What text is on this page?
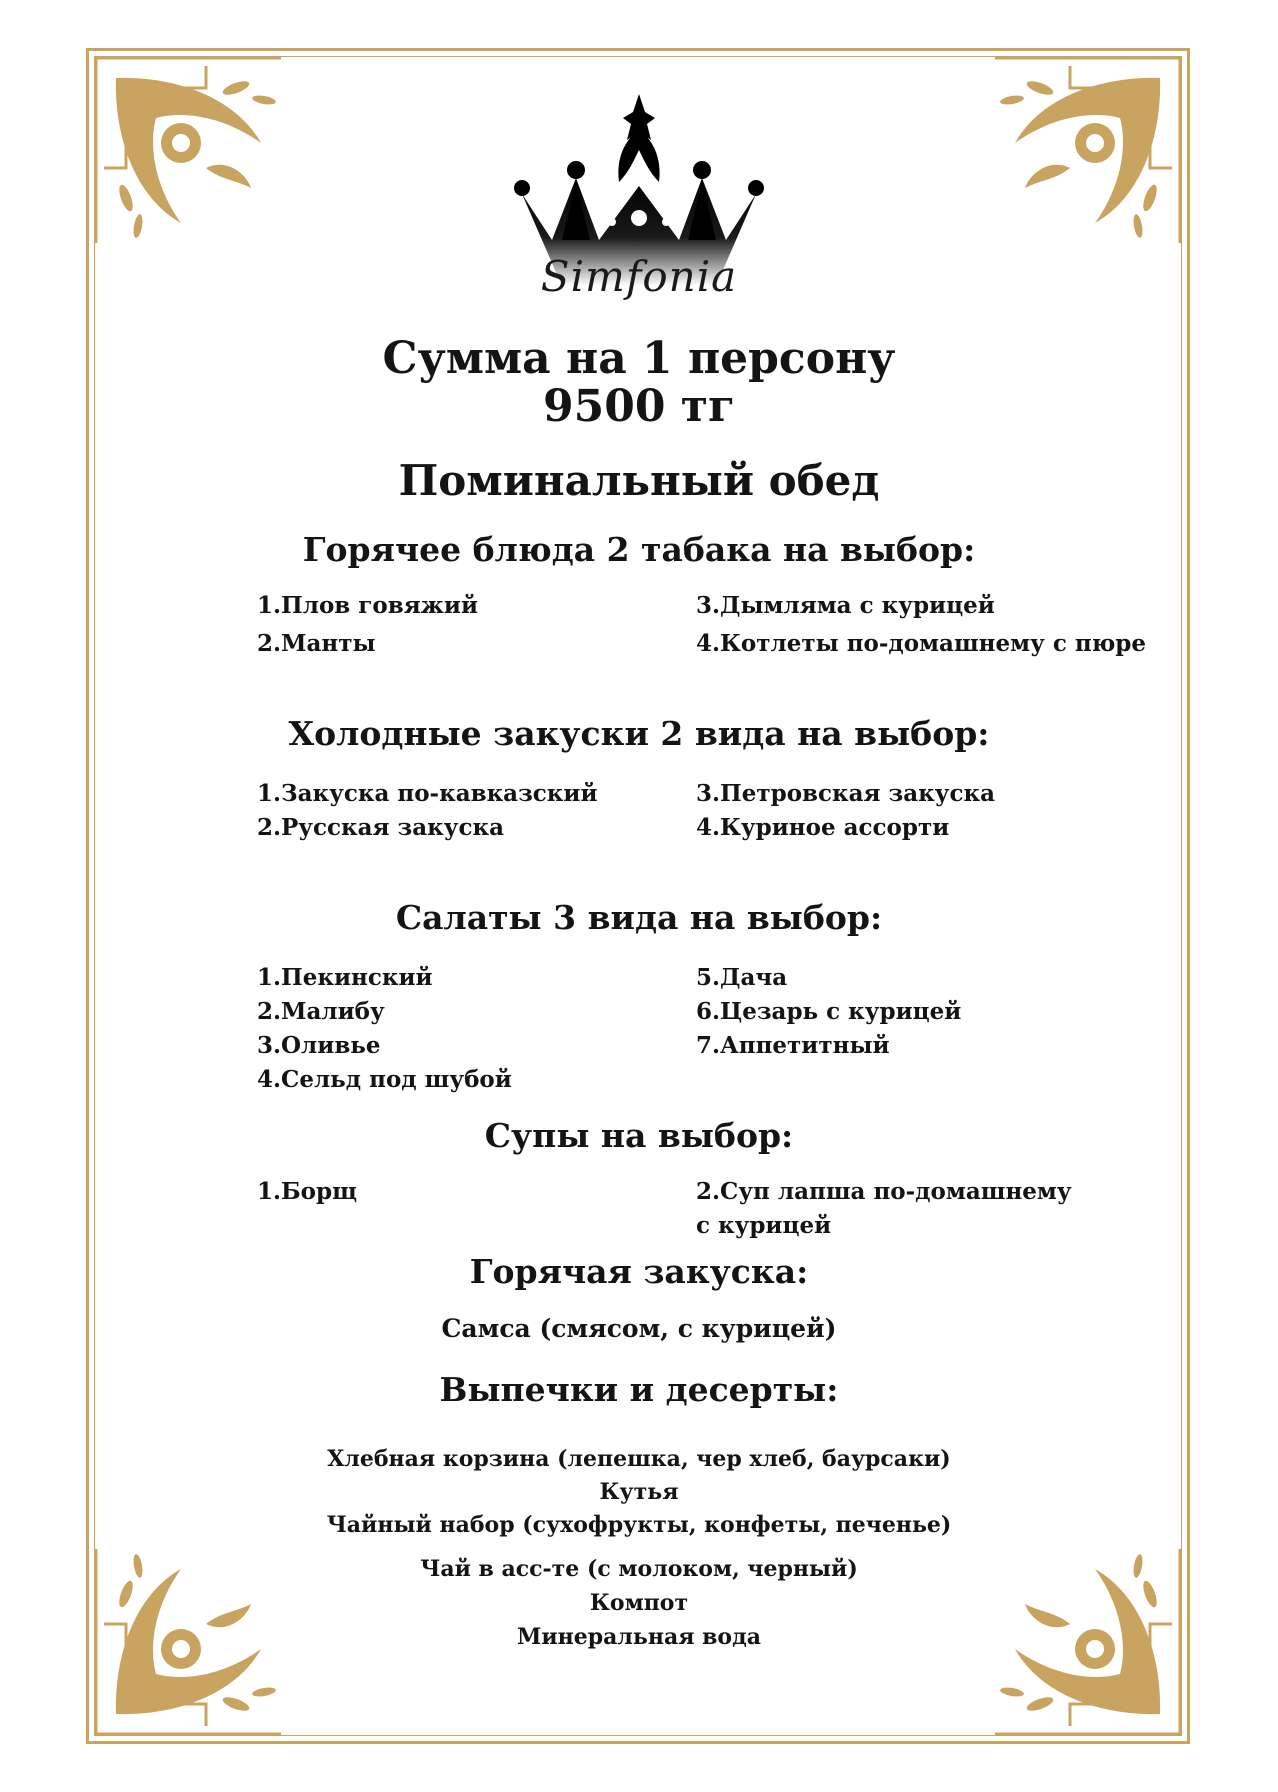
Simfonia
Сумма на 1 персону
9500 тг
Поминальный обед
Горячее блюда 2 табака на выбор:
1.Плов говяжий
2.Манты
3.Дымляма с курицей
4.Котлеты по-домашнему с пюре
Холодные закуски 2 вида на выбор:
1.Закуска по-кавказский
2.Русская закуска
3.Петровская закуска
4.Куриное ассорти
Салаты 3 вида на выбор:
1.Пекинский
2.Малибу
3.Оливье
4.Сельд под шубой
5.Дача
6.Цезарь с курицей
7.Аппетитный
Супы на выбор:
1.Борщ	2.Суп лапша по-домашнему
с курицей
Горячая закуска:
Самса (смясом, с курицей)
Выпечки и десерты:
Хлебная корзина (лепешка, чер хлеб, баурсаки)
Кутья
Чайный набор (сухофрукты, конфеты, печенье)
Чай в асс-те (с молоком, черный)
Компот
Минеральная вода
